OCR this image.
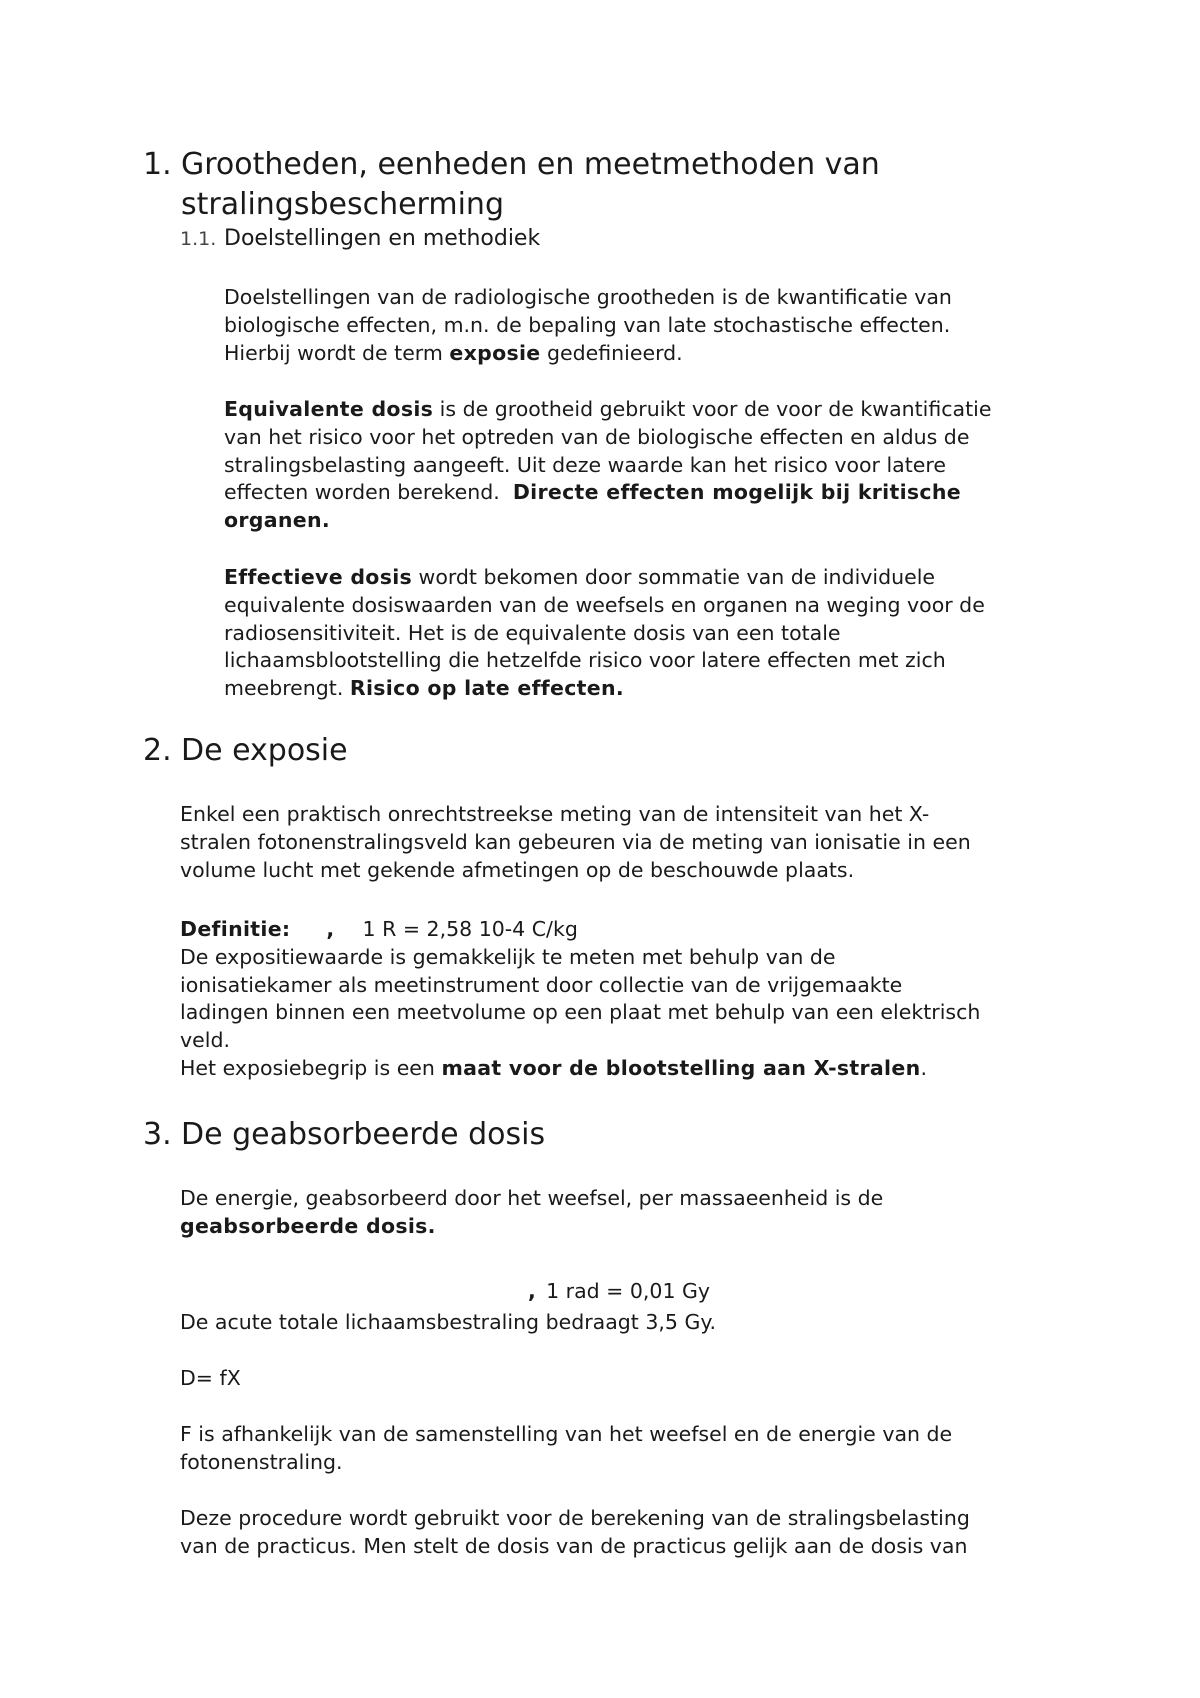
1. Grootheden, eenheden en meetmethoden van
stralingsbescherming
1.1. Doelstellingen en methodiek

Doelstellingen van de radiologische grootheden is de kwantificatie van
biologische effecten, m.n. de bepaling van late stochastische effecten.
Hierbij wordt de term exposie gedefinieerd.

Equivalente dosis is de grootheid gebruikt voor de voor de kwantificatie
van het risico voor het optreden van de biologische effecten en aldus de
stralingsbelasting aangeeft. Uit deze waarde kan het risico voor latere
effecten worden berekend.  Directe effecten mogelijk bij kritische
organen.

Effectieve dosis wordt bekomen door sommatie van de individuele
equivalente dosiswaarden van de weefsels en organen na weging voor de
radiosensitiviteit. Het is de equivalente dosis van een totale
lichaamsblootstelling die hetzelfde risico voor latere effecten met zich
meebrengt. Risico op late effecten.

2. De exposie

Enkel een praktisch onrechtstreekse meting van de intensiteit van het X-
stralen fotonenstralingsveld kan gebeuren via de meting van ionisatie in een
volume lucht met gekende afmetingen op de beschouwde plaats.

Definitie: , 1 R = 2,58 10-4 C/kg
De expositiewaarde is gemakkelijk te meten met behulp van de
ionisatiekamer als meetinstrument door collectie van de vrijgemaakte
ladingen binnen een meetvolume op een plaat met behulp van een elektrisch
veld.
Het exposiebegrip is een maat voor de blootstelling aan X-stralen.

3. De geabsorbeerde dosis

De energie, geabsorbeerd door het weefsel, per massaeenheid is de
geabsorbeerde dosis.

, 1 rad = 0,01 Gy

De acute totale lichaamsbestraling bedraagt 3,5 Gy.

D= fX

F is afhankelijk van de samenstelling van het weefsel en de energie van de
fotonenstraling.

Deze procedure wordt gebruikt voor de berekening van de stralingsbelasting
van de practicus. Men stelt de dosis van de practicus gelijk aan de dosis van
